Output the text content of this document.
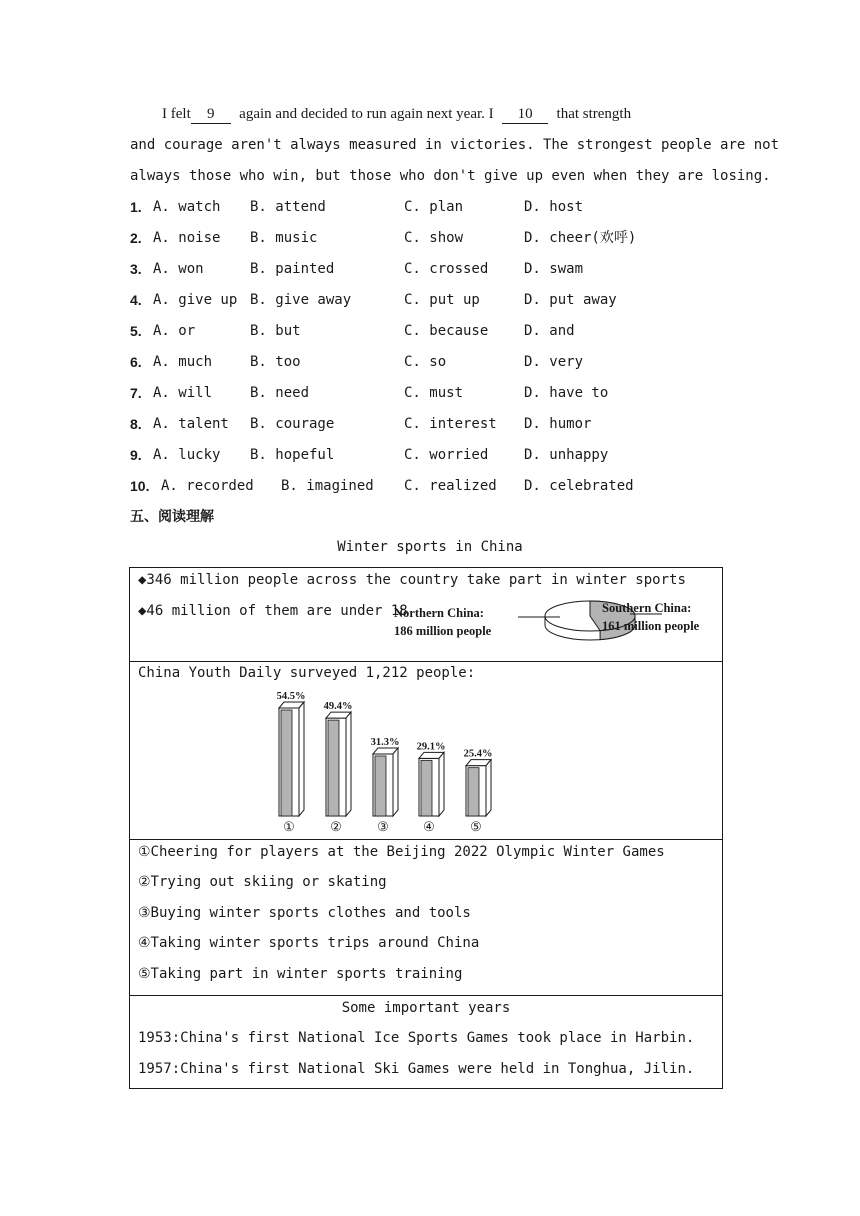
I felt 9 again and decided to run again next year. I 10 that strength
and courage aren't always measured in victories. The strongest people are not
always those who win, but those who don't give up even when they are losing.
1. A. watch B. attend	C. plan	D. host
2. A. noise B. music	C. show	D. cheer(欢呼)
3. A. won	B. painted	C. crossed	D. swam
4. A. give up B. give away	C. put up	D. put away
5. A. or	B. but	C. because	D. and
6. A. much	B. too	C. so	D. very
7. A. will	B. need	C. must	D. have to
8. A. talent B. courage	C. interest D. humor
9. A. lucky B. hopeful	C. worried	D. unhappy
10. A. recorded B. imagined C. realized D. celebrated
五、阅读理解
Winter sports in China
◆346 million people across the country take part in winter sports
◆46 million of them are under 18
Northern China:
186 million people
Southern China:
161 million people
China Youth Daily surveyed 1,212 people:
54.5%
①
49.4%
②
31.3%
③
29.1%
④
25.4%
⑤
①Cheering for players at the Beijing 2022 Olympic Winter Games
②Trying out skiing or skating
③Buying winter sports clothes and tools
④Taking winter sports trips around China
⑤Taking part in winter sports training
Some important years
1953:China's first National Ice Sports Games took place in Harbin.
1957:China's first National Ski Games were held in Tonghua, Jilin.
